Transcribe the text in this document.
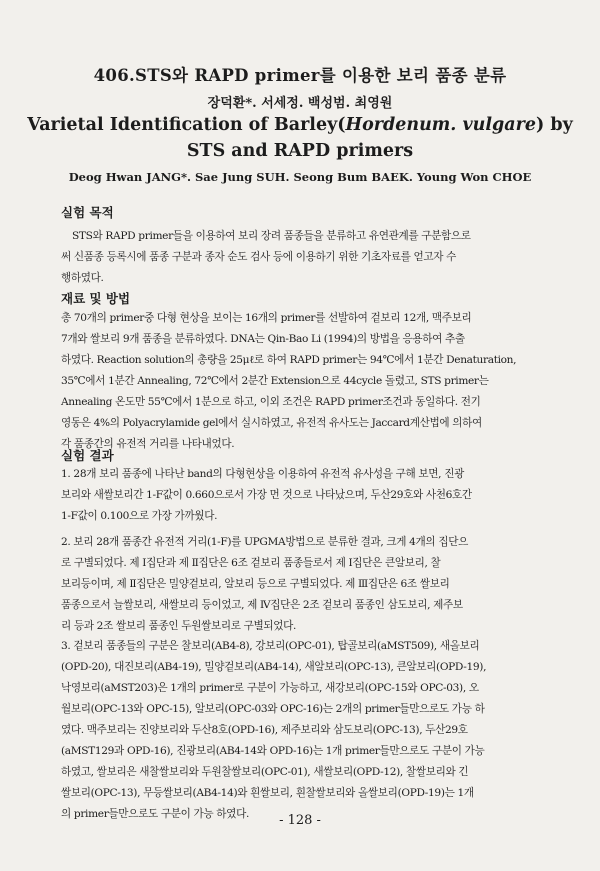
406.STS와 RAPD primer를 이용한 보리 품종 분류
장덕환*. 서세정. 백성범. 최영원
Varietal Identification of Barley(Hordenum. vulgare) by
STS and RAPD primers
Deog Hwan JANG*. Sae Jung SUH. Seong Bum BAEK. Young Won CHOE
실험 목적
STS와 RAPD primer들을 이용하여 보리 장려 품종들을 분류하고 유연관계를 구분함으로
써 신품종 등록시에 품종 구분과 종자 순도 검사 등에 이용하기 위한 기초자료를 얻고자 수
행하였다.
재료 및 방법
총 70개의 primer중 다형 현상을 보이는 16개의 primer를 선발하여 겉보리 12개, 맥주보리
7개와 쌀보리 9개 품종을 분류하였다. DNA는 Qin-Bao Li (1994)의 방법을 응용하여 추출
하였다. Reaction solution의 총량을 25μℓ로 하여 RAPD primer는 94℃에서 1분간 Denaturation,
35℃에서 1분간 Annealing, 72℃에서 2분간 Extension으로 44cycle 돌렸고, STS primer는
Annealing 온도만 55℃에서 1분으로 하고, 이외 조건은 RAPD primer조건과 동일하다. 전기
영동은 4%의 Polyacrylamide gel에서 실시하였고, 유전적 유사도는 Jaccard계산법에 의하여
각 품종간의 유전적 거리를 나타내었다.
실험 결과
1. 28개 보리 품종에 나타난 band의 다형현상을 이용하여 유전적 유사성을 구해 보면, 진광
보리와 새쌀보리간 1-F값이 0.660으로서 가장 먼 것으로 나타났으며, 두산29호와 사천6호간
1-F값이 0.100으로 가장 가까웠다.
2. 보리 28개 품종간 유전적 거리(1-F)를 UPGMA방법으로 분류한 결과, 크게 4개의 집단으
로 구별되었다. 제 Ⅰ집단과 제 Ⅱ집단은 6조 겉보리 품종들로서 제 Ⅰ집단은 큰알보리, 찰
보리등이며, 제 Ⅱ집단은 밀양겉보리, 알보리 등으로 구별되었다. 제 Ⅲ집단은 6조 쌀보리
품종으로서 늘쌀보리, 새쌀보리 등이었고, 제 Ⅳ집단은 2조 겉보리 품종인 삼도보리, 제주보
리 등과 2조 쌀보리 품종인 두원쌀보리로 구별되었다.
3. 겉보리 품종들의 구분은 찰보리(AB4-8), 강보리(OPC-01), 탑골보리(aMST509), 새올보리
(OPD-20), 대진보리(AB4-19), 밀양겉보리(AB4-14), 새알보리(OPC-13), 큰알보리(OPD-19),
낙영보리(aMST203)은 1개의 primer로 구분이 가능하고, 새강보리(OPC-15와 OPC-03), 오
월보리(OPC-13와 OPC-15), 알보리(OPC-03와 OPC-16)는 2개의 primer들만으로도 가능 하
였다. 맥주보리는 진양보리와 두산8호(OPD-16), 제주보리와 삼도보리(OPC-13), 두산29호
(aMST129과 OPD-16), 진광보리(AB4-14와 OPD-16)는 1개 primer들만으로도 구분이 가능
하였고, 쌀보리은 새찰쌀보리와 두원찰쌀보리(OPC-01), 새쌀보리(OPD-12), 찰쌀보리와 긴
쌀보리(OPC-13), 무등쌀보리(AB4-14)와 흰쌀보리, 흰찰쌀보리와 올쌀보리(OPD-19)는 1개
의 primer들만으로도 구분이 가능 하였다.	- 128 -
